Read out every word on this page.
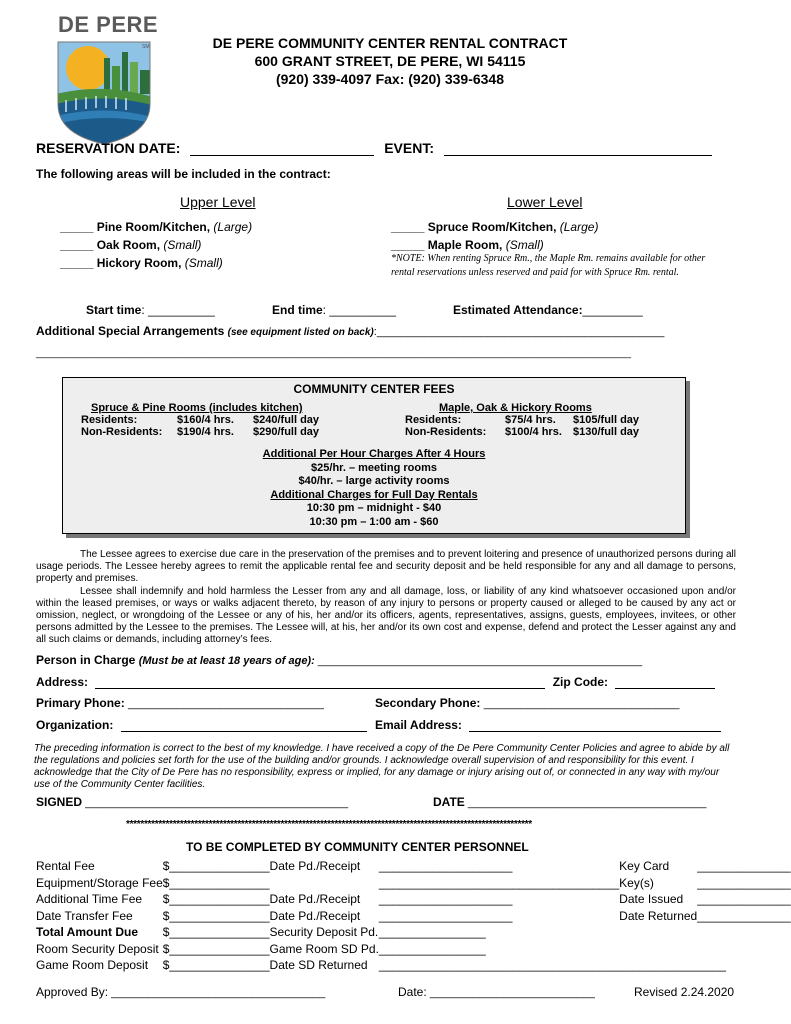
DE PERE
SM	DE PERE COMMUNITY CENTER RENTAL CONTRACT
600 GRANT STREET, DE PERE, WI 54115
(920) 339-4097 Fax: (920) 339-6348
RESERVATION DATE:	EVENT:
The following areas will be included in the contract:
Upper Level	Lower Level
_____ Pine Room/Kitchen, (Large)
_____ Oak Room, (Small)
_____ Hickory Room, (Small)
_____ Spruce Room/Kitchen, (Large)
_____ Maple Room, (Small)
*NOTE: When renting Spruce Rm., the Maple Rm. remains available for other rental reservations unless reserved and paid for with Spruce Rm. rental.
Start time: __________	End time: __________	Estimated Attendance:_________
Additional Special Arrangements (see equipment listed on back):_______________________________________________
___________________________________________________________________________________________________________
COMMUNITY CENTER FEES
Spruce & Pine Rooms (includes kitchen)
Residents:	$160/4 hrs.	$240/full day
Non-Residents:	$190/4 hrs.	$290/full day
Maple, Oak & Hickory Rooms
Residents:	$75/4 hrs.	$105/full day
Non-Residents:	$100/4 hrs.	$130/full day
Additional Per Hour Charges After 4 Hours
$25/hr. – meeting rooms
$40/hr. – large activity rooms
Additional Charges for Full Day Rentals
10:30 pm – midnight - $40
10:30 pm – 1:00 am - $60
The Lessee agrees to exercise due care in the preservation of the premises and to prevent loitering and presence of unauthorized persons during all usage periods. The Lessee hereby agrees to remit the applicable rental fee and security deposit and be held responsible for any and all damage to persons, property and premises.
Lessee shall indemnify and hold harmless the Lesser from any and all damage, loss, or liability of any kind whatsoever occasioned upon and/or within the leased premises, or ways or walks adjacent thereto, by reason of any injury to persons or property caused or alleged to be caused by any act or omission, neglect, or wrongdoing of the Lessee or any of his, her and/or its officers, agents, representatives, assigns, guests, employees, invitees, or other persons admitted by the Lessee to the premises. The Lessee will, at his, her and/or its own cost and expense, defend and protect the Lesser against any and all such claims or demands, including attorney’s fees.
Person in Charge (Must be at least 18 years of age): _____________________________________________________
Address:	Zip Code:
Primary Phone: ________________________________	Secondary Phone: ________________________________
Organization:	Email Address:
The preceding information is correct to the best of my knowledge. I have received a copy of the De Pere Community Center Policies and agree to abide by all the regulations and policies set forth for the use of the building and/or grounds. I acknowledge overall supervision of and responsibility for this event. I acknowledge that the City of De Pere has no responsibility, express or implied, for any damage or injury arising out of, or connected in any way with my/our use of the Community Center facilities.
SIGNED ___________________________________________	DATE _______________________________________
*****************************************************************************************************************
TO BE COMPLETED BY COMMUNITY CENTER PERSONNEL
Rental Fee	$_______________	Date Pd./Receipt	____________________	Key Card	______________
Equipment/Storage Fee	$_______________		____________________________________	Key(s)	______________
Additional Time Fee	$_______________	Date Pd./Receipt	____________________	Date Issued	______________
Date Transfer Fee	$_______________	Date Pd./Receipt	____________________	Date Returned	______________
Total Amount Due	$_______________	Security Deposit Pd.	________________		
Room Security Deposit	$_______________	Game Room SD Pd.	________________		
Game Room Deposit	$_______________	Date SD Returned	____________________________________________________		
Approved By: ___________________________________	Date: ___________________________	Revised 2.24.2020
